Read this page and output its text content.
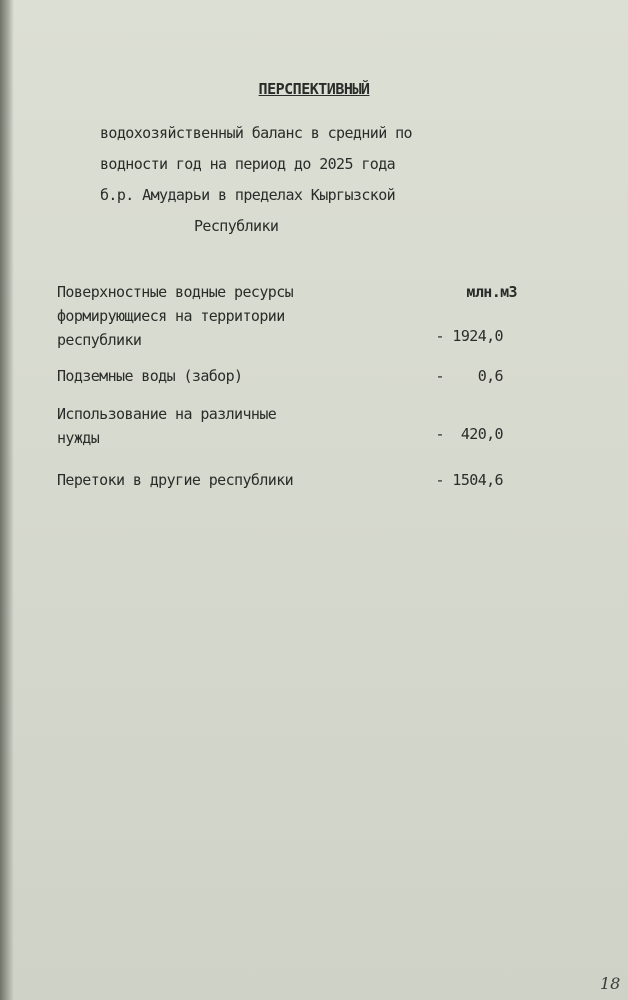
ПЕРСПЕКТИВНЫЙ
водохозяйственный баланс в средний по
водности год на период до 2025 года
б.р. Амударьи в пределах Кыргызской
Республики
млн.м3
Поверхностные водные ресурсы
формирующиеся на территории
республики	- 1924,0
Подземные воды (забор)	-    0,6
Использование на различные
нужды	-  420,0
Перетоки в другие республики	- 1504,6
18
